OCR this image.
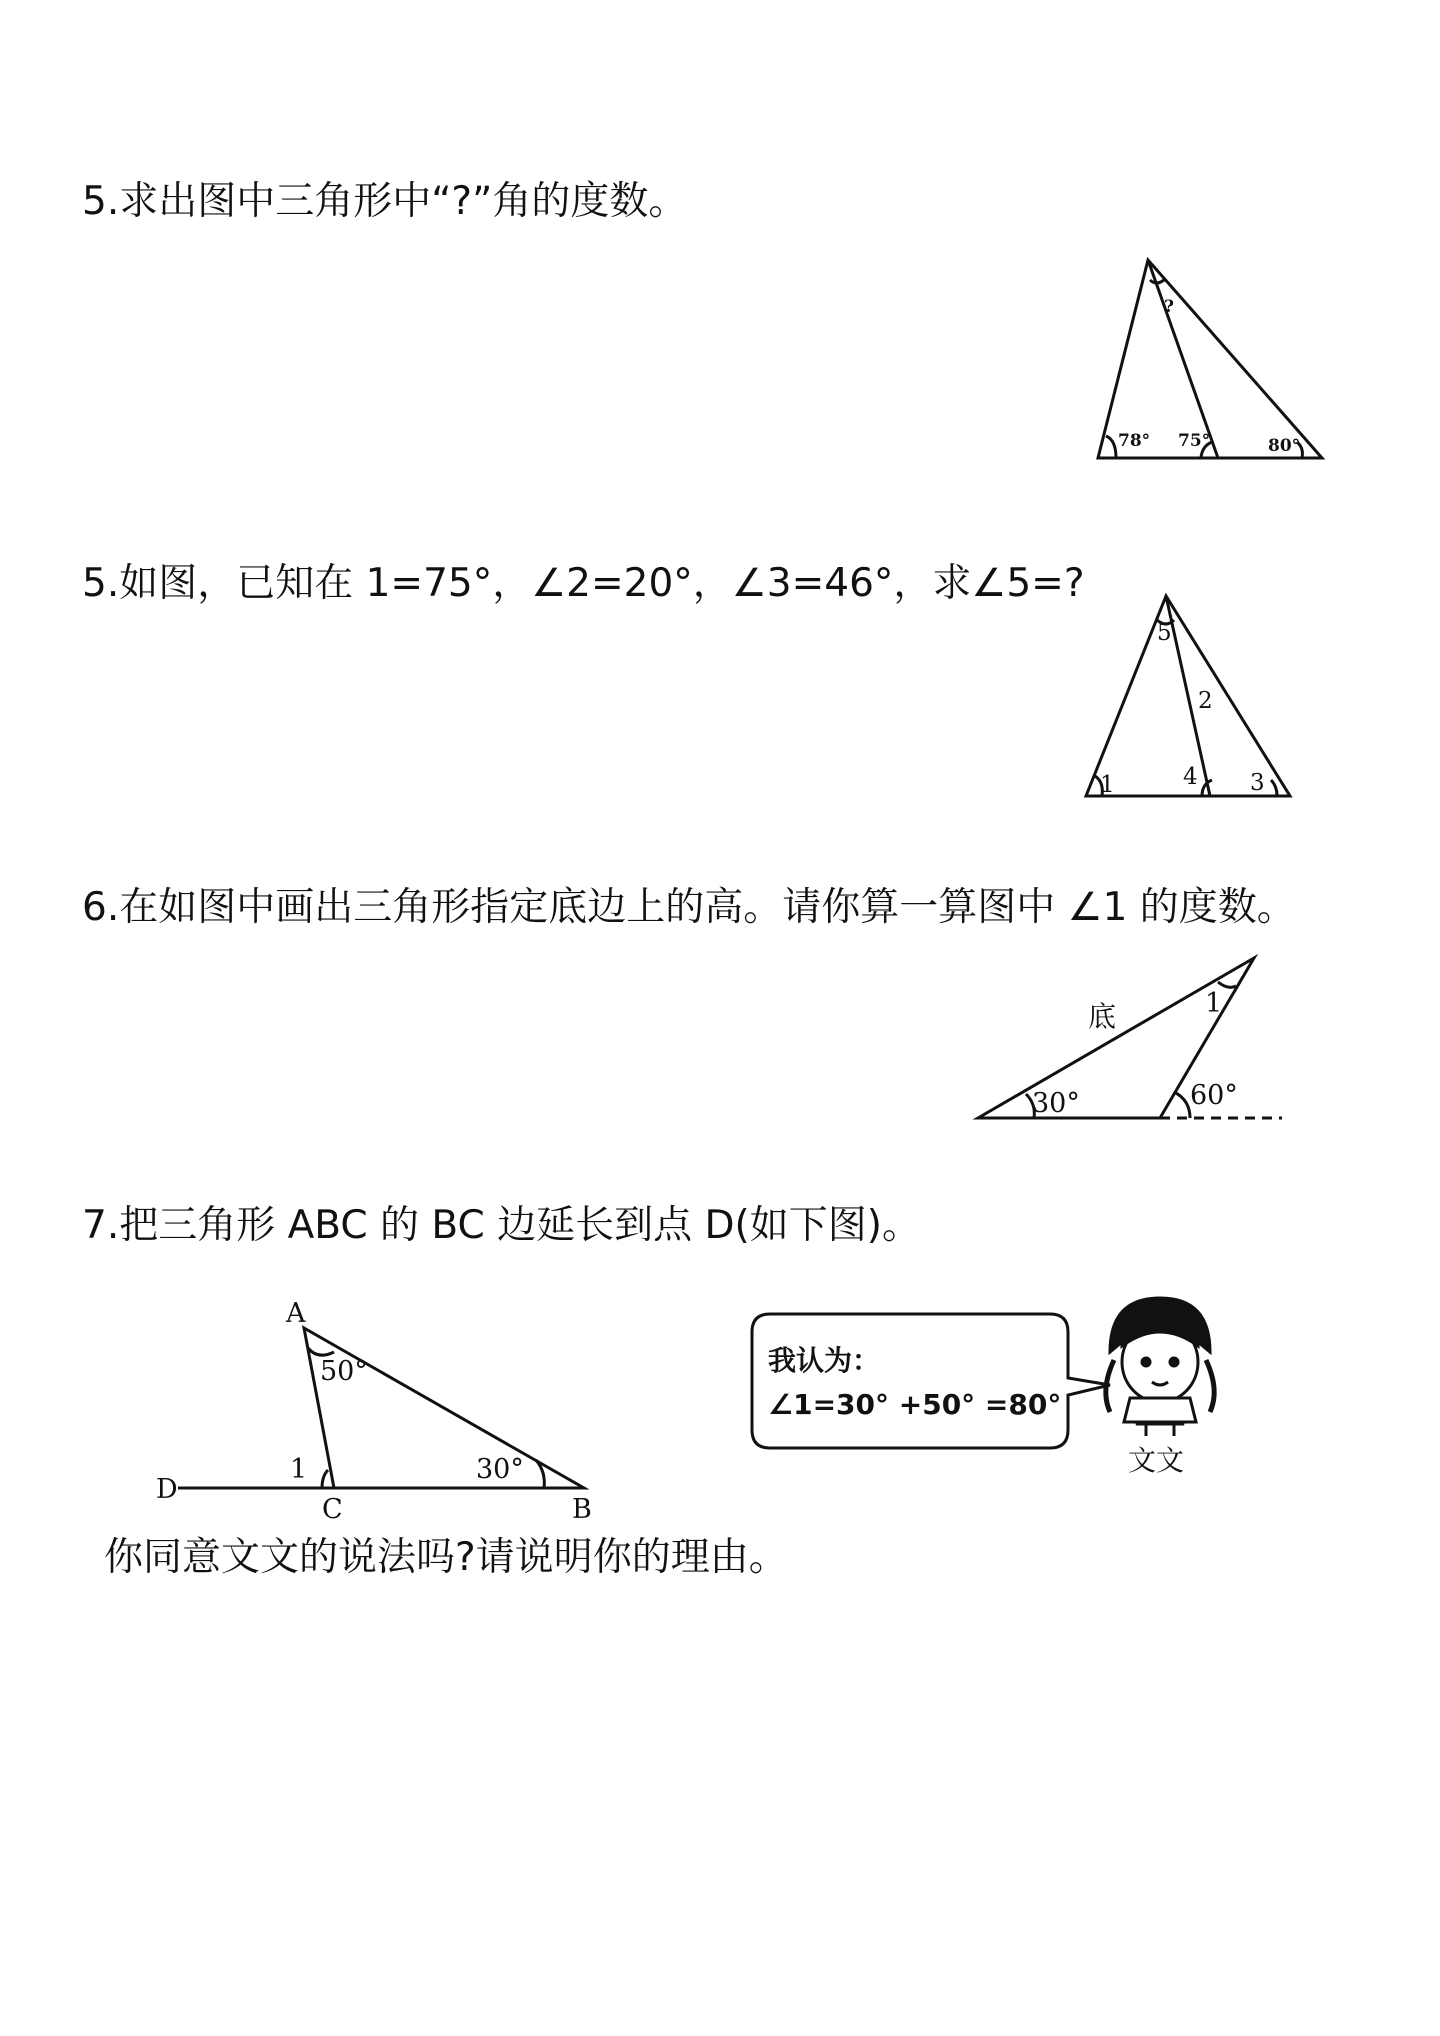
5.求出图中三角形中“?”角的度数。
?
78° 75°	80°
5.如图，已知在 1=75°，∠2=20°，∠3=46°，求∠5=?
5
2
1	4 3
6.在如图中画出三角形指定底边上的高。请你算一算图中 ∠1 的度数。
底	1
30°	60°
7.把三角形 ABC 的 BC 边延长到点 D(如下图)。
A
B
C
D
50°
30°
1
我认为：
∠1=30° +50° =80°
文文
你同意文文的说法吗?请说明你的理由。
